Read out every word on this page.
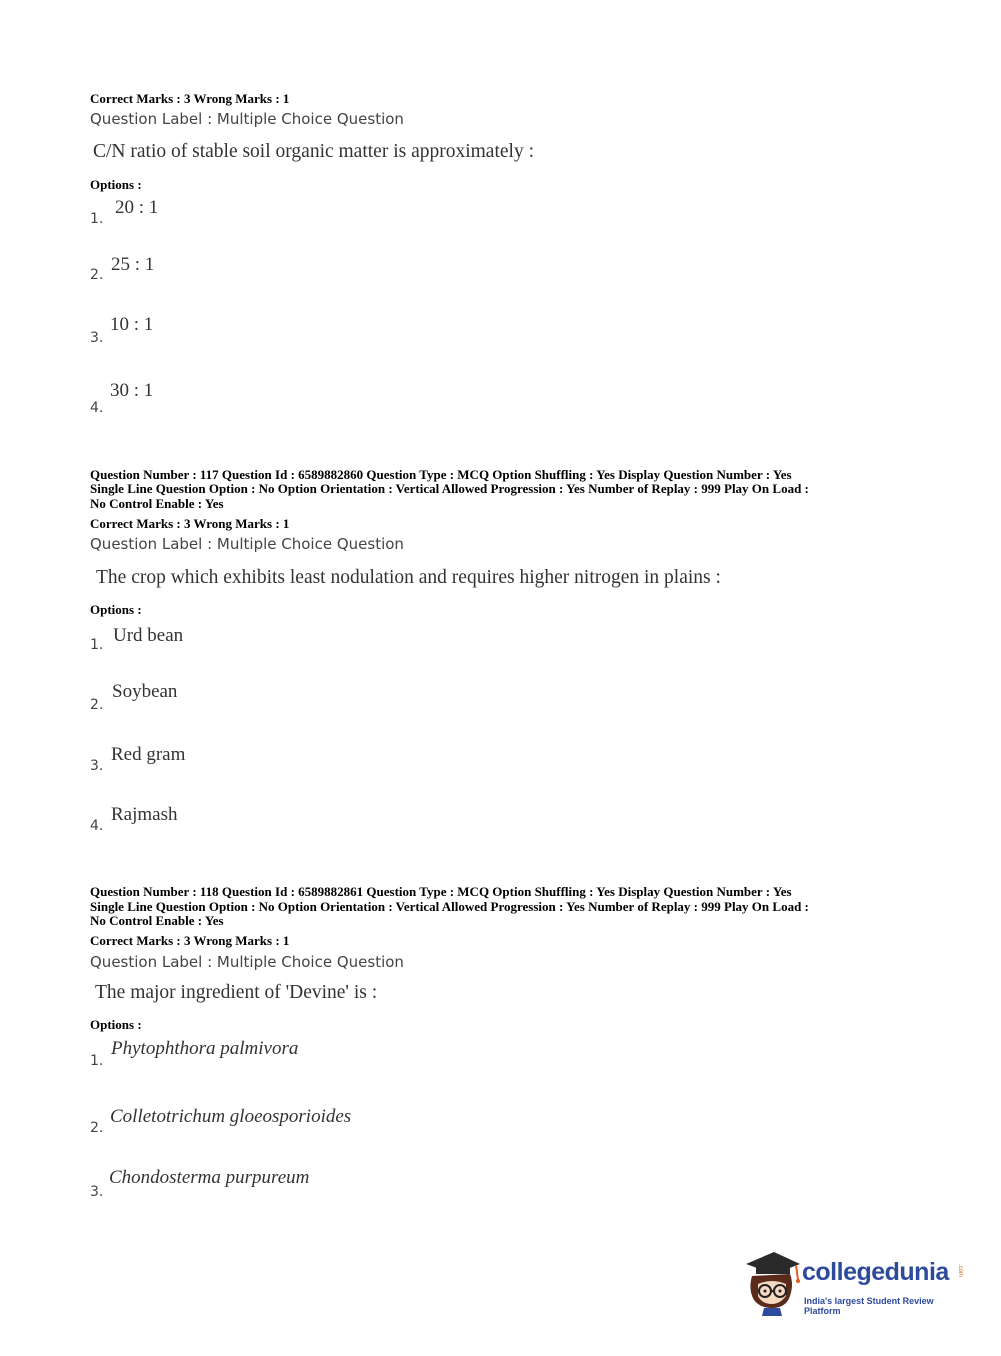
Correct Marks : 3 Wrong Marks : 1
Question Label : Multiple Choice Question
C/N ratio of stable soil organic matter is approximately :
Options :
1.
20 : 1
2. 25 : 1
3.
10 : 1
4.
30 : 1
Question Number : 117 Question Id : 6589882860 Question Type : MCQ Option Shuffling : Yes Display Question Number : Yes
Single Line Question Option : No Option Orientation : Vertical Allowed Progression : Yes Number of Replay : 999 Play On Load :
No Control Enable : Yes
Correct Marks : 3 Wrong Marks : 1
Question Label : Multiple Choice Question
The crop which exhibits least nodulation and requires higher nitrogen in plains :
Options :
1. Urd bean
2.
Soybean
3.
Red gram
4.
Rajmash
Question Number : 118 Question Id : 6589882861 Question Type : MCQ Option Shuffling : Yes Display Question Number : Yes
Single Line Question Option : No Option Orientation : Vertical Allowed Progression : Yes Number of Replay : 999 Play On Load :
No Control Enable : Yes
Correct Marks : 3 Wrong Marks : 1
Question Label : Multiple Choice Question
The major ingredient of 'Devine' is :
Options :
1.
Phytophthora palmivora
2.
Colletotrichum gloeosporioides
3.
Chondosterma purpureum
collegedunia .com
India's largest Student Review Platform
